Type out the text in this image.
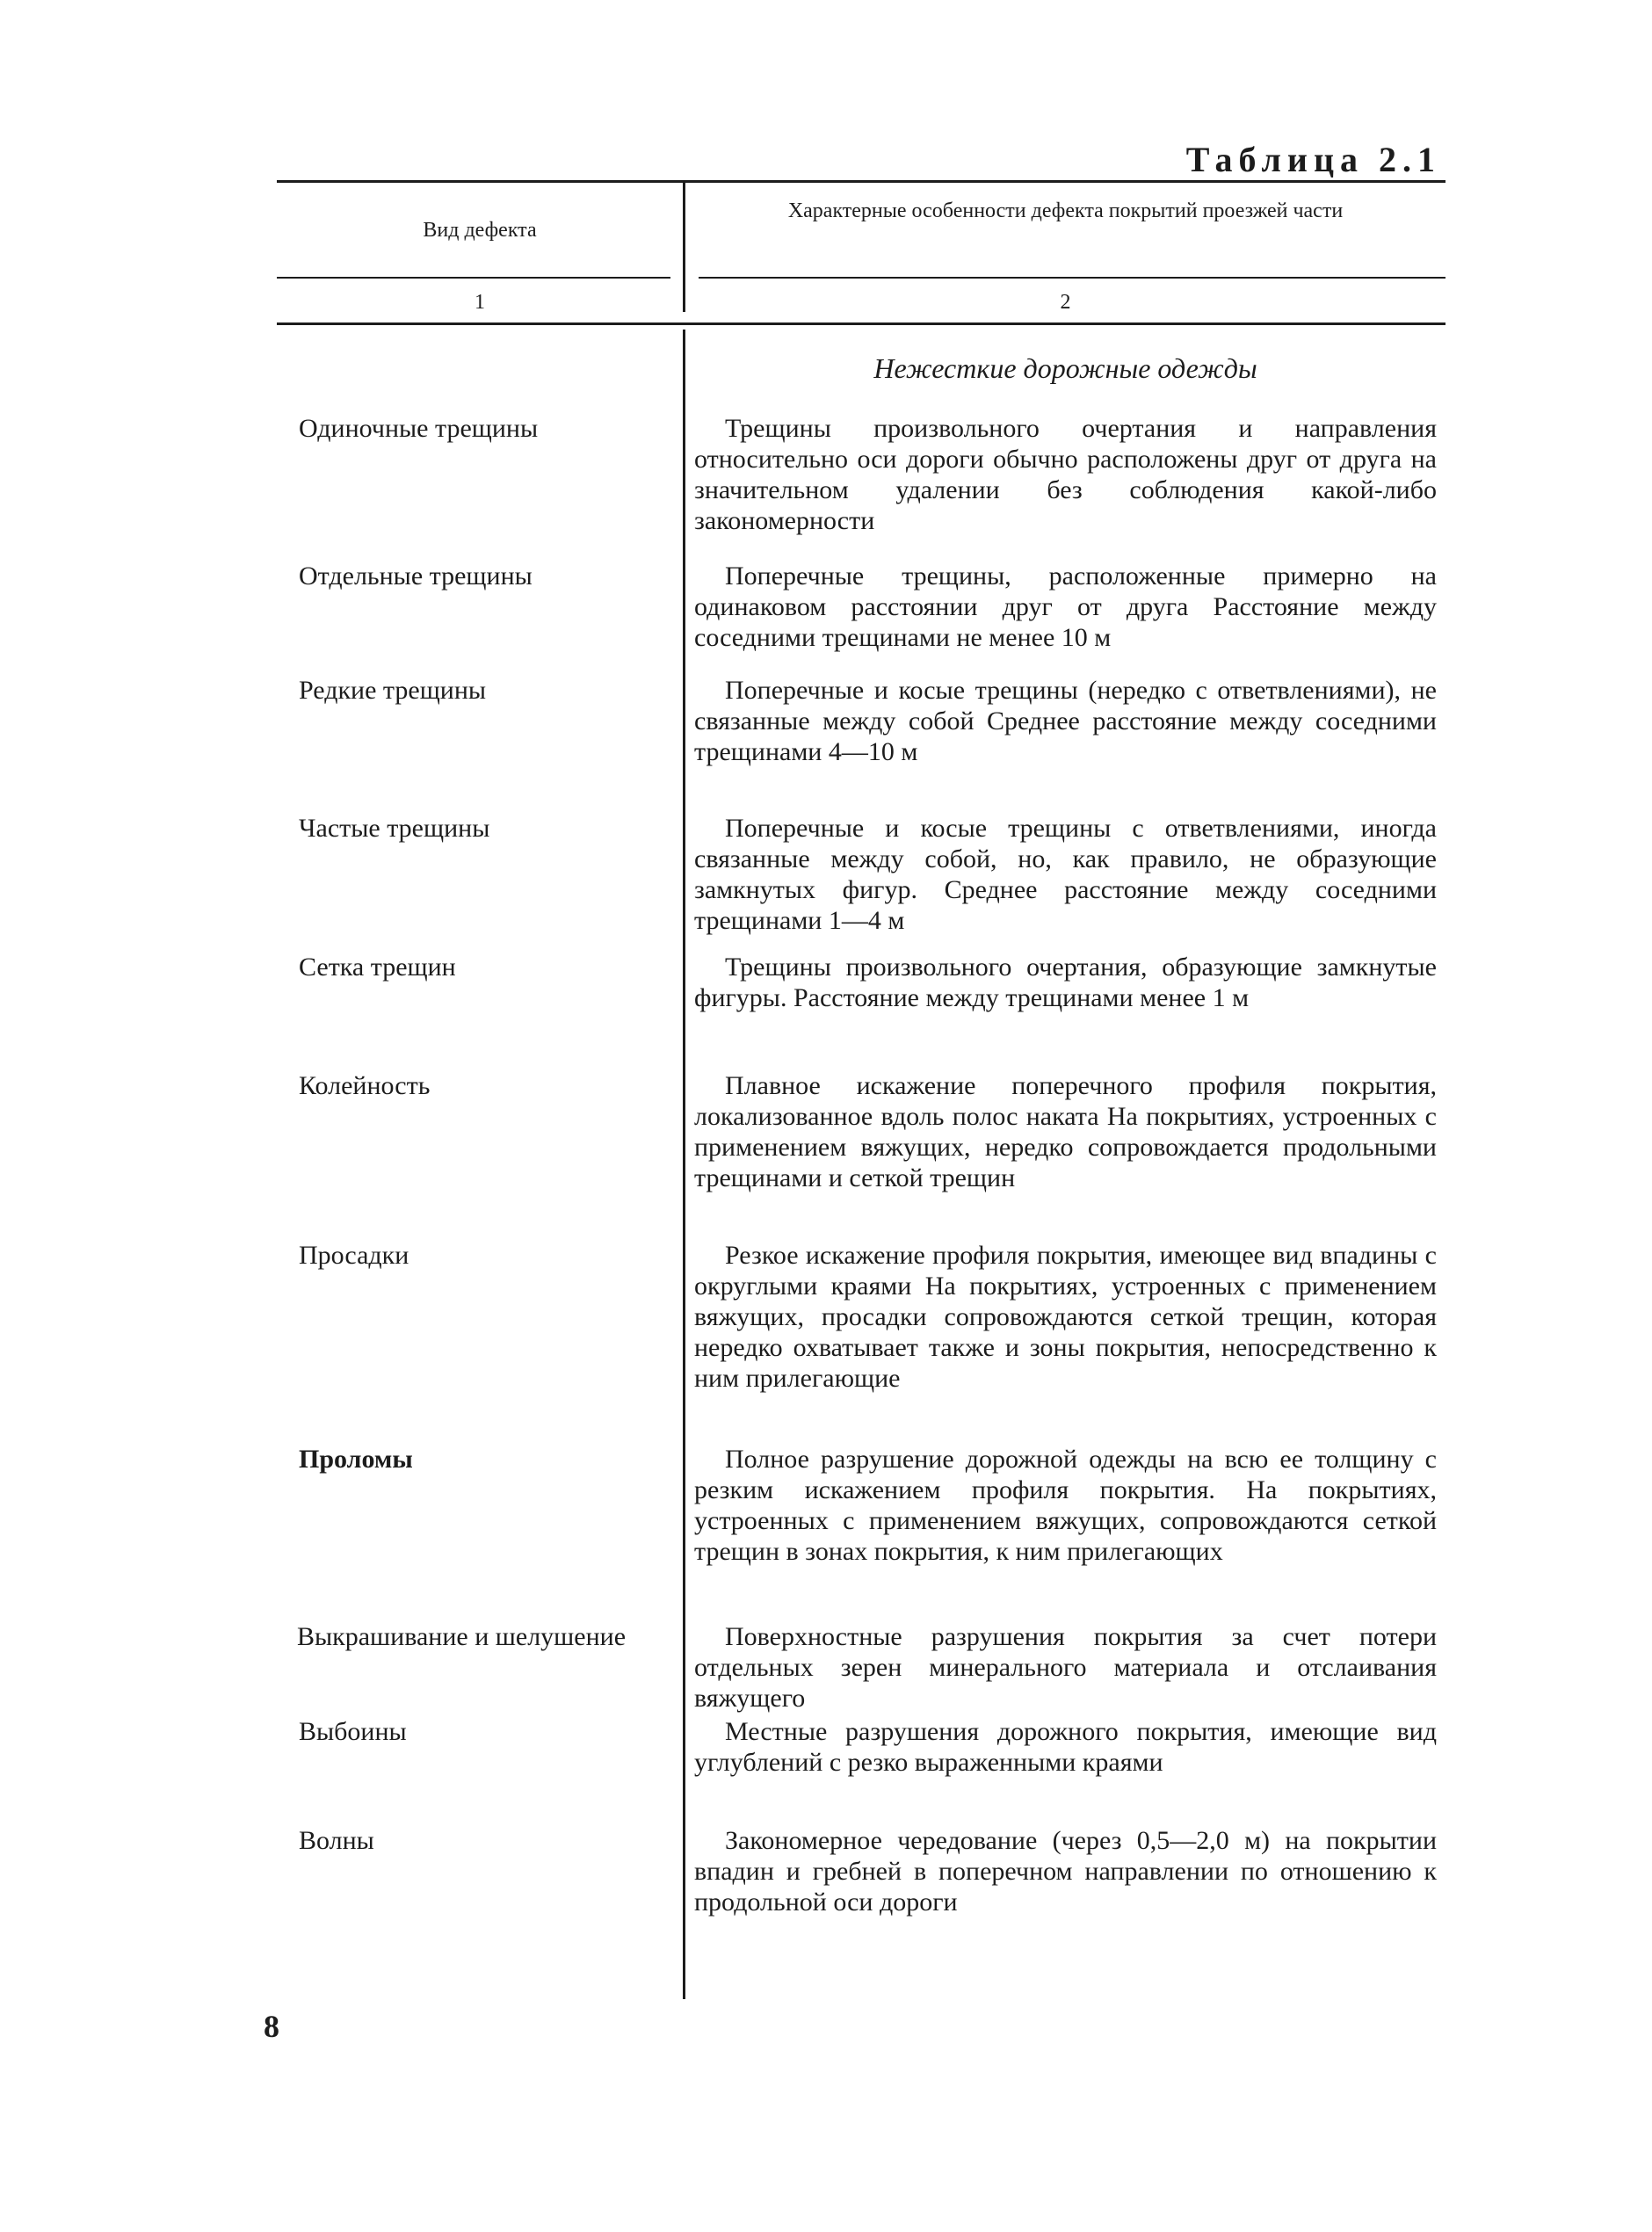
Таблица 2.1
Вид дефекта
Характерные особенности дефекта покрытий проезжей части
1	2
Нежесткие дорожные одежды
Одиночные трещины	Трещины произвольного очертания и направления относительно оси дороги обычно расположены друг от друга на значительном удалении без соблюдения какой-либо закономерности

Отдельные трещины	Поперечные трещины, расположенные примерно на одинаковом расстоянии друг от друга Расстояние между соседними трещинами не менее 10 м

Редкие трещины	Поперечные и косые трещины (нередко с ответвлениями), не связанные между собой Среднее расстояние между соседними трещинами 4—10 м

Частые трещины	Поперечные и косые трещины с ответвлениями, иногда связанные между собой, но, как правило, не образующие замкнутых фигур. Среднее расстояние между соседними трещинами 1—4 м

Сетка трещин	Трещины произвольного очертания, образующие замкнутые фигуры. Расстояние между трещинами менее 1 м

Колейность	Плавное искажение поперечного профиля покрытия, локализованное вдоль полос наката На покрытиях, устроенных с применением вяжущих, нередко сопровождается продольными трещинами и сеткой трещин

Просадки	Резкое искажение профиля покрытия, имеющее вид впадины с округлыми краями На покрытиях, устроенных с применением вяжущих, просадки сопровождаются сеткой трещин, которая нередко охватывает также и зоны покрытия, непосредственно к ним прилегающие

Проломы	Полное разрушение дорожной одежды на всю ее толщину с резким искажением профиля покрытия. На покрытиях, устроенных с применением вяжущих, сопровождаются сеткой трещин в зонах покрытия, к ним прилегающих

Выкрашивание и шелушение	Поверхностные разрушения покрытия за счет потери отдельных зерен минерального материала и отслаивания вяжущего

Выбоины	Местные разрушения дорожного покрытия, имеющие вид углублений с резко выраженными краями

Волны	Закономерное чередование (через 0,5—2,0 м) на покрытии впадин и гребней в поперечном направлении по отношению к продольной оси дороги

8
